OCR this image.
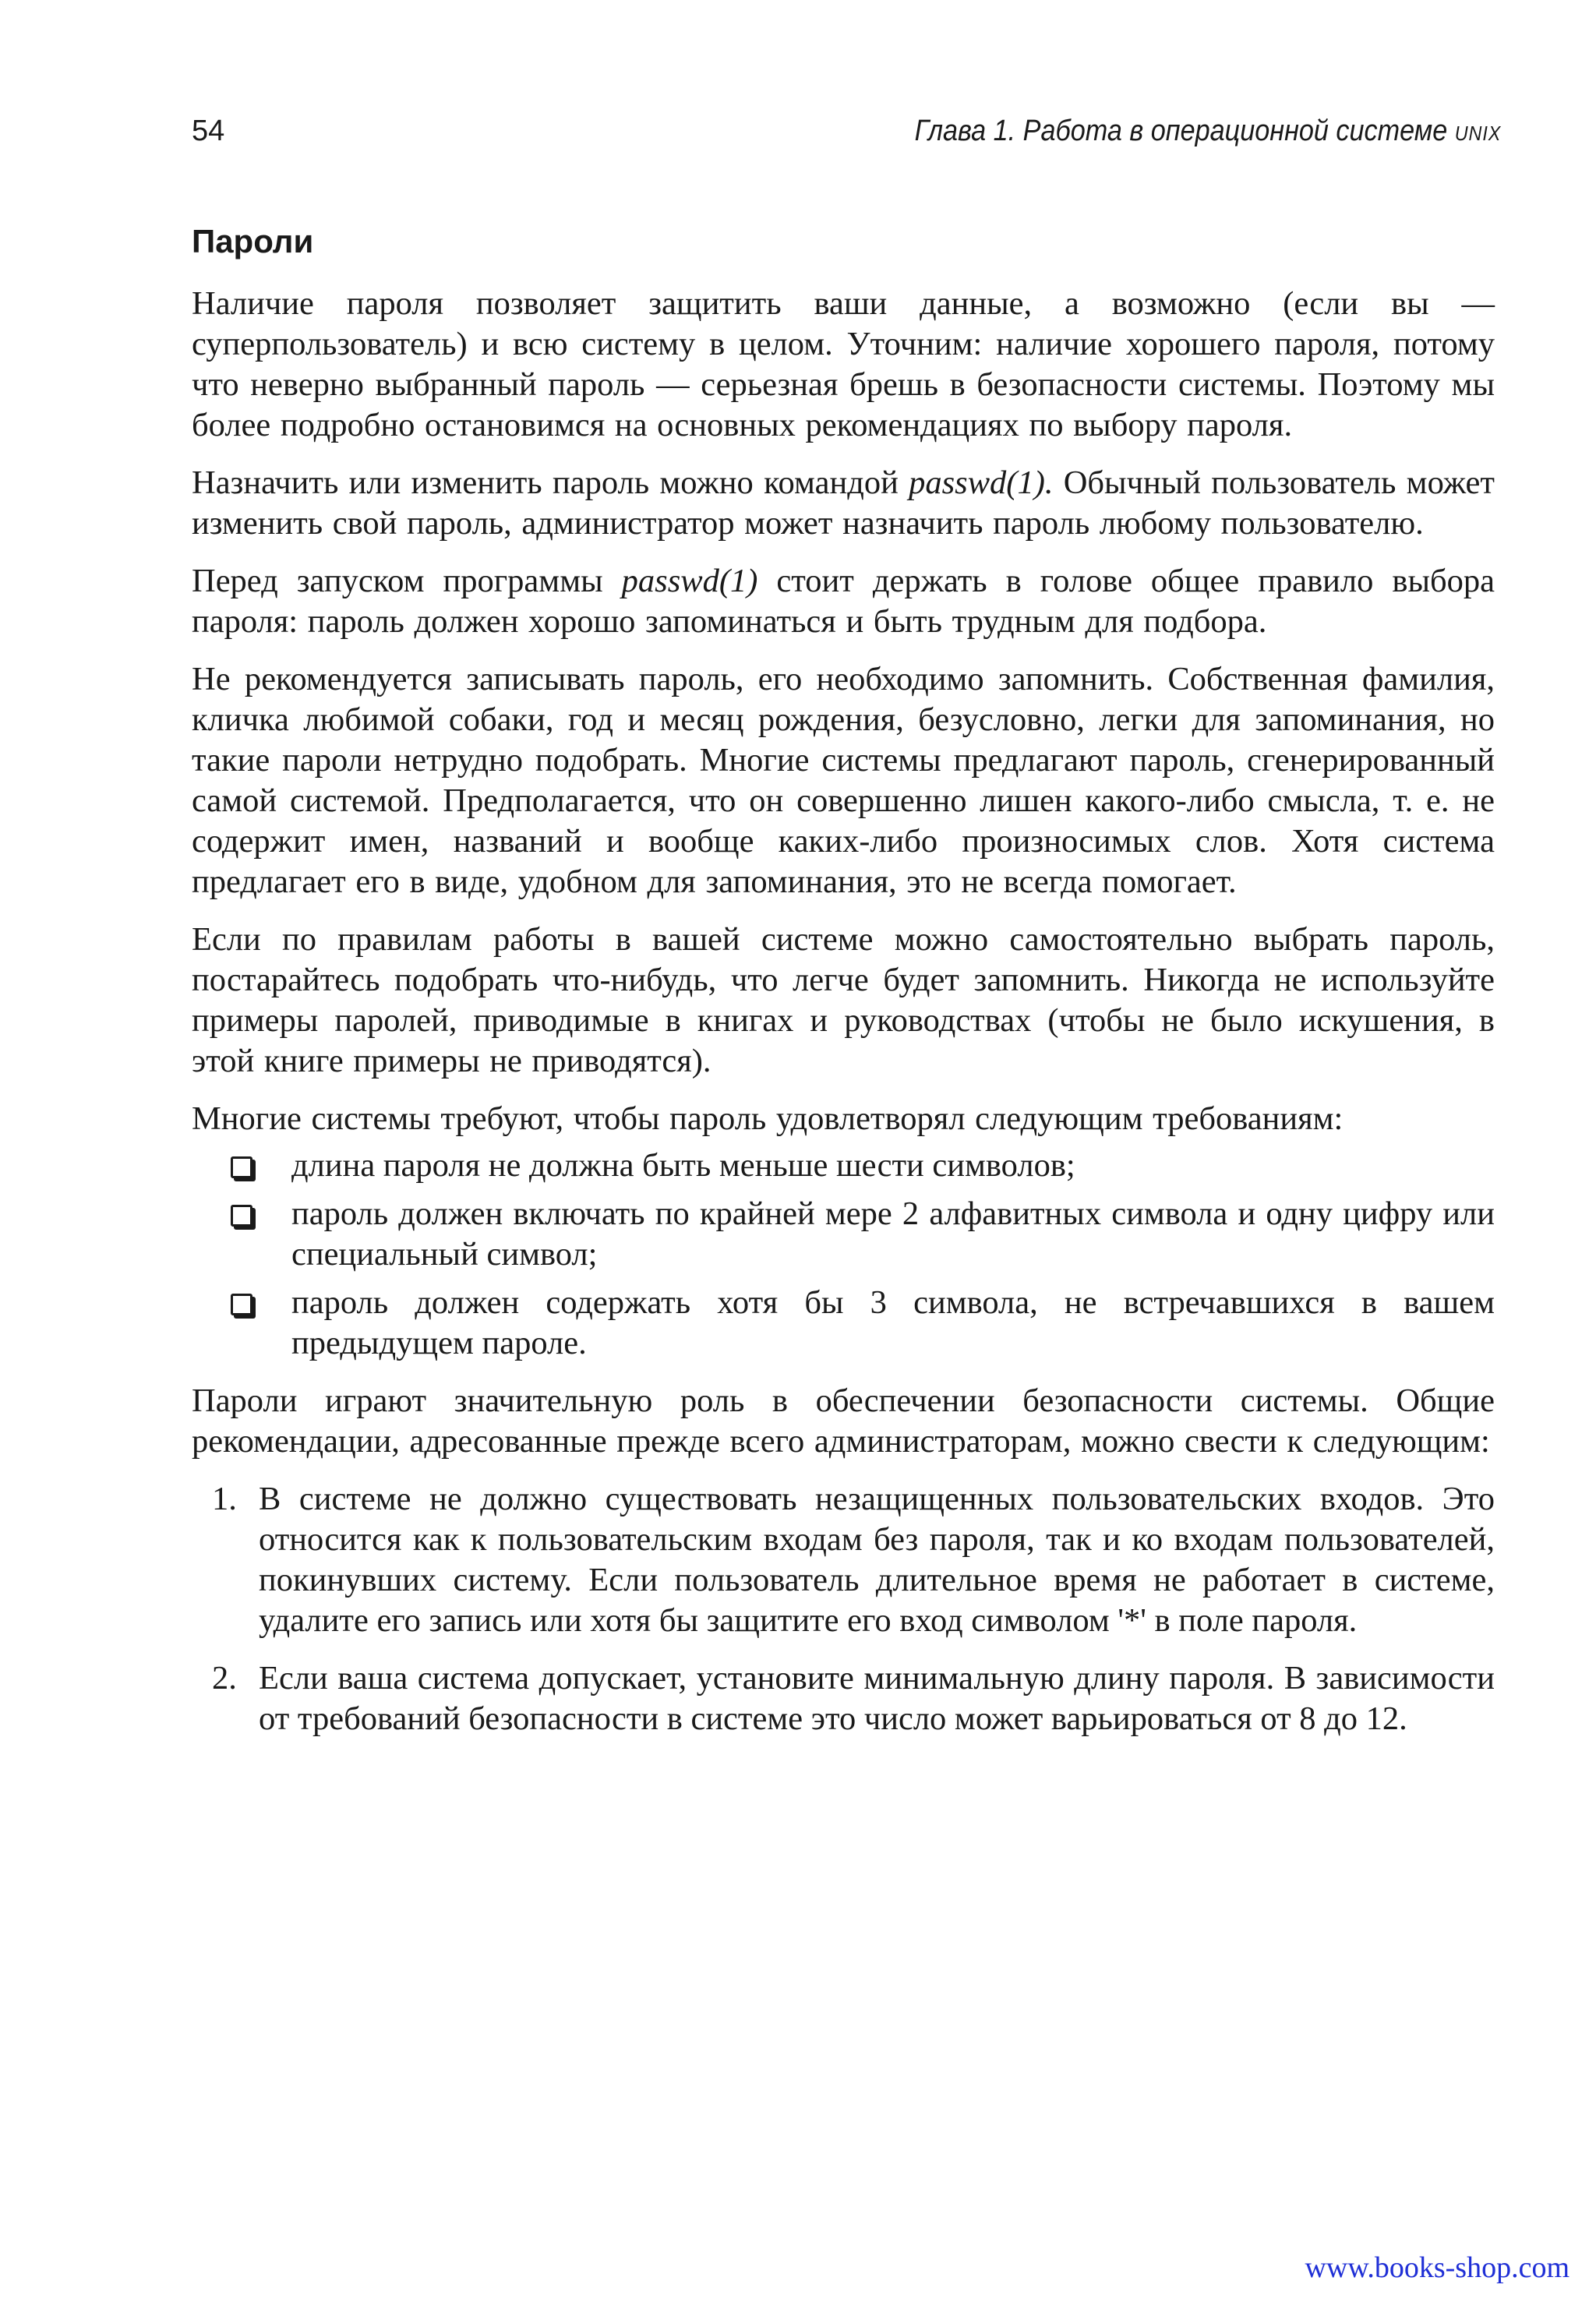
54	Глава 1. Работа в операционной системе UNIX
Пароли

Наличие пароля позволяет защитить ваши данные, а возможно (если вы — суперпользователь) и всю систему в целом. Уточним: наличие хорошего пароля, потому что неверно выбранный пароль — серьезная брешь в безопасности системы. Поэтому мы более подробно остановимся на основных рекомендациях по выбору пароля.

Назначить или изменить пароль можно командой passwd(1). Обычный пользователь может изменить свой пароль, администратор может назначить пароль любому пользователю.

Перед запуском программы passwd(1) стоит держать в голове общее правило выбора пароля: пароль должен хорошо запоминаться и быть трудным для подбора.

Не рекомендуется записывать пароль, его необходимо запомнить. Собственная фамилия, кличка любимой собаки, год и месяц рождения, безусловно, легки для запоминания, но такие пароли нетрудно подобрать. Многие системы предлагают пароль, сгенерированный самой системой. Предполагается, что он совершенно лишен какого-либо смысла, т. е. не содержит имен, названий и вообще каких-либо произносимых слов. Хотя система предлагает его в виде, удобном для запоминания, это не всегда помогает.

Если по правилам работы в вашей системе можно самостоятельно выбрать пароль, постарайтесь подобрать что-нибудь, что легче будет запомнить. Никогда не используйте примеры паролей, приводимые в книгах и руководствах (чтобы не было искушения, в этой книге примеры не приводятся).

Многие системы требуют, чтобы пароль удовлетворял следующим требованиям:

длина пароля не должна быть меньше шести символов;
пароль должен включать по крайней мере 2 алфавитных символа и одну цифру или специальный символ;
пароль должен содержать хотя бы 3 символа, не встречавшихся в вашем предыдущем пароле.

Пароли играют значительную роль в обеспечении безопасности системы. Общие рекомендации, адресованные прежде всего администраторам, можно свести к следующим:

1. В системе не должно существовать незащищенных пользовательских входов. Это относится как к пользовательским входам без пароля, так и ко входам пользователей, покинувших систему. Если пользователь длительное время не работает в системе, удалите его запись или хотя бы защитите его вход символом '*' в поле пароля.
2. Если ваша система допускает, установите минимальную длину пароля. В зависимости от требований безопасности в системе это число может варьироваться от 8 до 12.
www.books-shop.com
